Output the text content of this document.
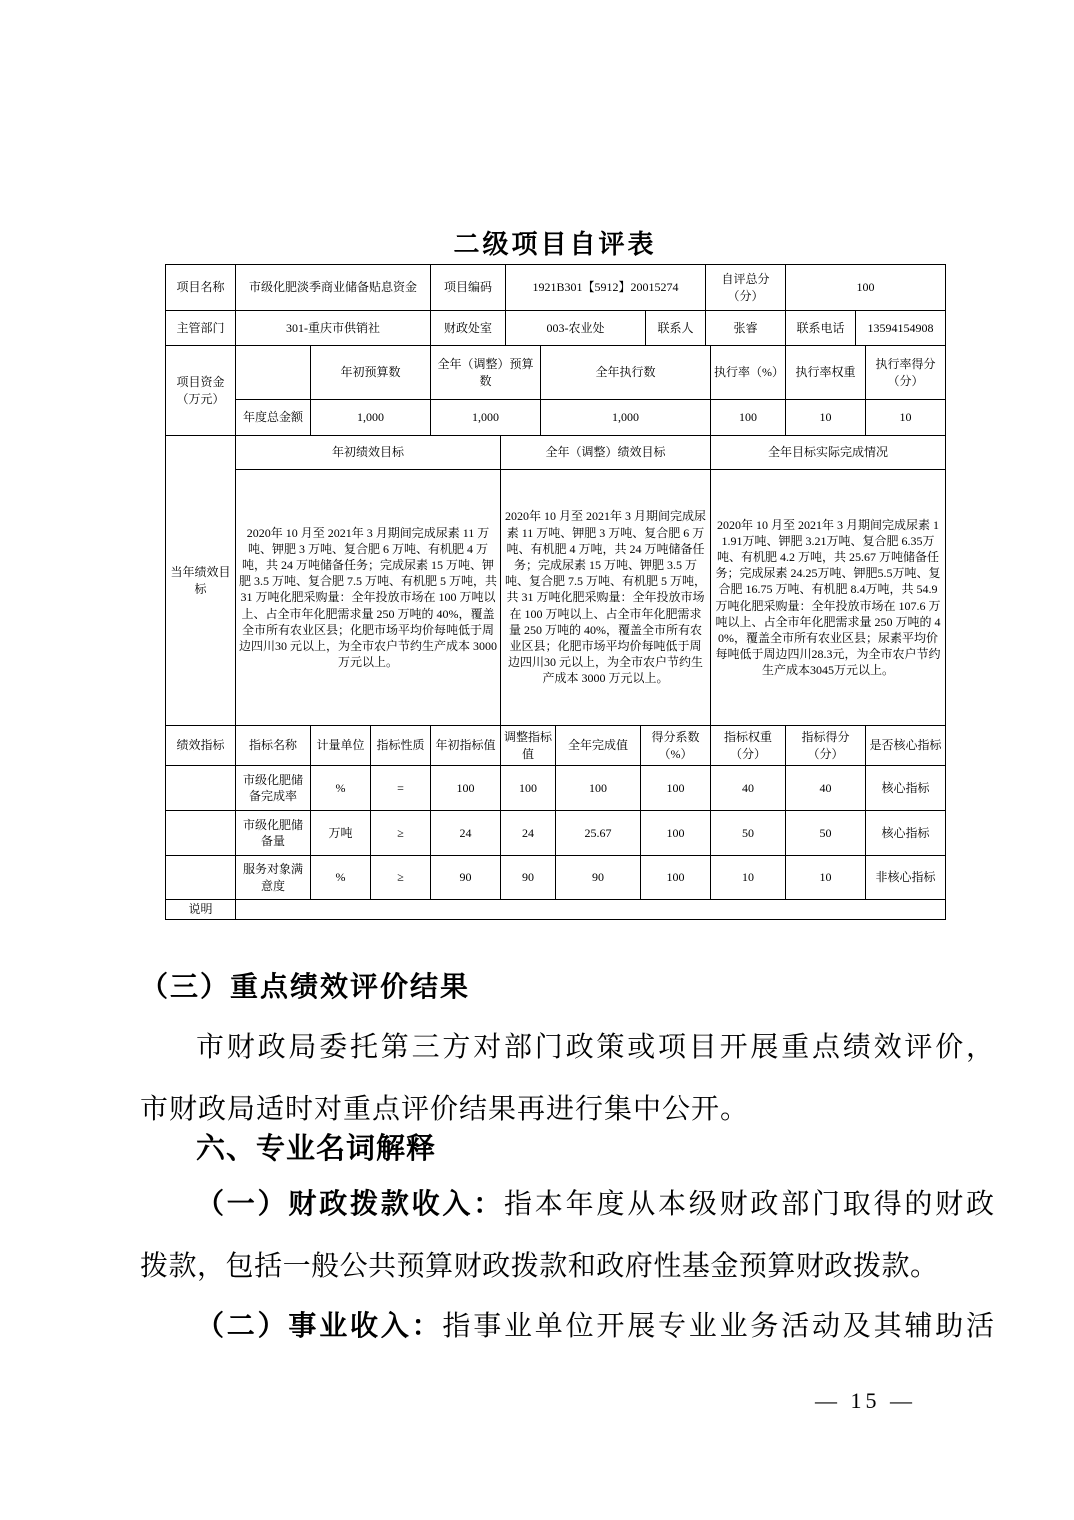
二级项目自评表
项目名称	市级化肥淡季商业储备贴息资金	项目编码	1921B301【5912】20015274		自评总分（分）	100	
主管部门	301-重庆市供销社	财政处室	003-农业处	联系人	张睿	联系电话	13594154908
项目资金（万元）		年初预算数	全年（调整）预算数	全年执行数	执行率（%）	执行率权重	执行率得分（分）
	年度总金额	1,000	1,000	1,000	100	10	10
当年绩效目标	年初绩效目标	全年（调整）绩效目标	全年目标实际完成情况
2020年 10 月至 2021年 3 月期间完成尿素 11 万吨、钾肥 3 万吨、复合肥 6 万吨、有机肥 4 万吨，共 24 万吨储备任务；完成尿素 15 万吨、钾肥 3.5 万吨、复合肥 7.5 万吨、有机肥 5 万吨，共 31 万吨化肥采购量：全年投放市场在 100 万吨以上、占全市年化肥需求量 250 万吨的 40%，覆盖全市所有农业区县；化肥市场平均价每吨低于周边四川30 元以上，为全市农户节约生产成本 3000 万元以上。	2020年 10 月至 2021年 3 月期间完成尿素 11 万吨、钾肥 3 万吨、复合肥 6 万吨、有机肥 4 万吨，共 24 万吨储备任务；完成尿素 15 万吨、钾肥 3.5 万吨、复合肥 7.5 万吨、有机肥 5 万吨，共 31 万吨化肥采购量：全年投放市场在 100 万吨以上、占全市年化肥需求量 250 万吨的 40%，覆盖全市所有农业区县；化肥市场平均价每吨低于周边四川30 元以上，为全市农户节约生产成本 3000 万元以上。	2020年 10 月至 2021年 3 月期间完成尿素 11.91万吨、钾肥 3.21万吨、复合肥 6.35万吨、有机肥 4.2 万吨，共 25.67 万吨储备任务；完成尿素 24.25万吨、钾肥5.5万吨、复合肥 16.75 万吨、有机肥 8.4万吨，共 54.9 万吨化肥采购量：全年投放市场在 107.6 万吨以上、占全市年化肥需求量 250 万吨的 40%，覆盖全市所有农业区县；尿素平均价每吨低于周边四川28.3元，为全市农户节约生产成本3045万元以上。
绩效指标	指标名称	计量单位	指标性质	年初指标值	调整指标值	全年完成值	得分系数（%）	指标权重（分）	指标得分（分）	是否核心指标
	市级化肥储备完成率	%	=	100	100	100	100	40	40	核心指标
	市级化肥储备量	万吨	≥	24	24	25.67	100	50	50	核心指标
	服务对象满意度	%	≥	90	90	90	100	10	10	非核心指标
说明	
（三）重点绩效评价结果
市财政局委托第三方对部门政策或项目开展重点绩效评价，
市财政局适时对重点评价结果再进行集中公开。
六、专业名词解释
（一）财政拨款收入：指本年度从本级财政部门取得的财政
拨款，包括一般公共预算财政拨款和政府性基金预算财政拨款。
（二）事业收入：指事业单位开展专业业务活动及其辅助活
— 15 —
